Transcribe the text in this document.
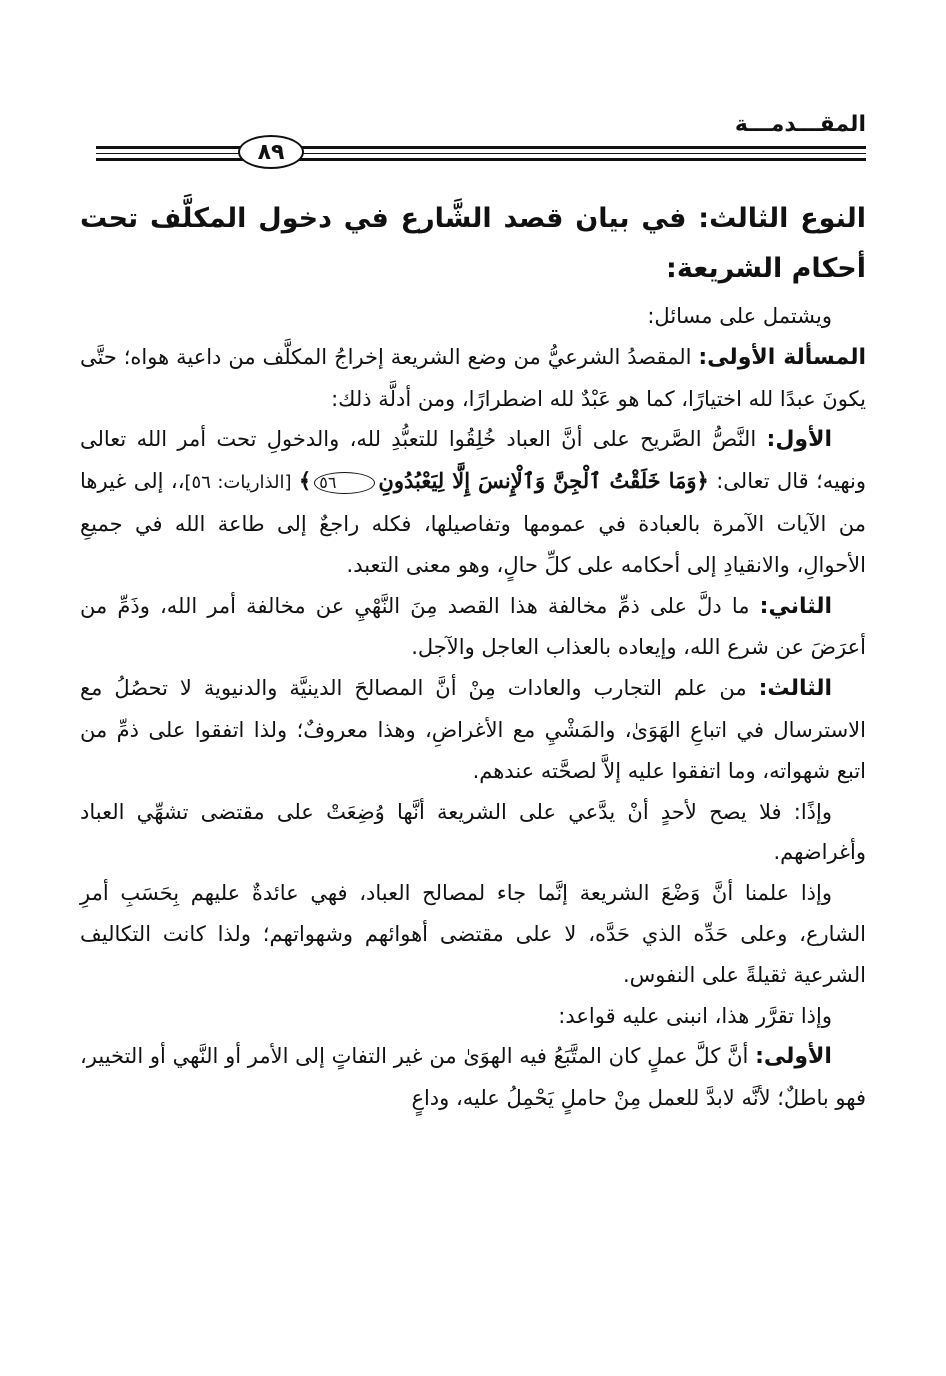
المقـــدمـــة
٨٩
النوع الثالث: في بيان قصد الشَّارع في دخول المكلَّف تحت أحكام الشريعة:

ويشتمل على مسائل:

المسألة الأولى: المقصدُ الشرعيُّ من وضع الشريعة إخراجُ المكلَّف من داعية هواه؛ حتَّى يكونَ عبدًا لله اختيارًا، كما هو عَبْدٌ لله اضطرارًا، ومن أدلَّة ذلك:

الأول: النَّصُّ الصَّريح على أنَّ العباد خُلِقُوا للتعبُّدِ لله، والدخولِ تحت أمر الله تعالى ونهيه؛ قال تعالى: ﴿وَمَا خَلَقْتُ ٱلْجِنَّ وَٱلْإِنسَ إِلَّا لِيَعْبُدُونِ٥٦﴾ [الذاريات: ٥٦]،، إلى غيرها من الآيات الآمرة بالعبادة في عمومها وتفاصيلها، فكله راجعٌ إلى طاعة الله في جميعِ الأحوالِ، والانقيادِ إلى أحكامه على كلِّ حالٍ، وهو معنى التعبد.

الثاني: ما دلَّ على ذمِّ مخالفة هذا القصد مِنَ النَّهْيِ عن مخالفة أمر الله، وذَمِّ من أعرَضَ عن شرع الله، وإيعاده بالعذاب العاجل والآجل.

الثالث: من علم التجارب والعادات مِنْ أنَّ المصالحَ الدينيَّة والدنيوية لا تحصُلُ مع الاسترسال في اتباعِ الهَوَىٰ، والمَشْيِ مع الأغراضِ، وهذا معروفٌ؛ ولذا اتفقوا على ذمِّ من اتبع شهواته، وما اتفقوا عليه إلاَّ لصحَّته عندهم.

وإذًا: فلا يصح لأحدٍ أنْ يدَّعي على الشريعة أنَّها وُضِعَتْ على مقتضى تشهِّي العباد وأغراضهم.

وإذا علمنا أنَّ وَضْعَ الشريعة إنَّما جاء لمصالح العباد، فهي عائدةٌ عليهم بِحَسَبِ أمرِ الشارع، وعلى حَدِّه الذي حَدَّه، لا على مقتضى أهوائهم وشهواتهم؛ ولذا كانت التكاليف الشرعية ثقيلةً على النفوس.

وإذا تقرَّر هذا، انبنى عليه قواعد:

الأولى: أنَّ كلَّ عملٍ كان المتَّبَعُ فيه الهوَىٰ من غير التفاتٍ إلى الأمر أو النَّهي أو التخيير، فهو باطلٌ؛ لأنَّه لابدَّ للعمل مِنْ حاملٍ يَحْمِلُ عليه، وداعٍ
